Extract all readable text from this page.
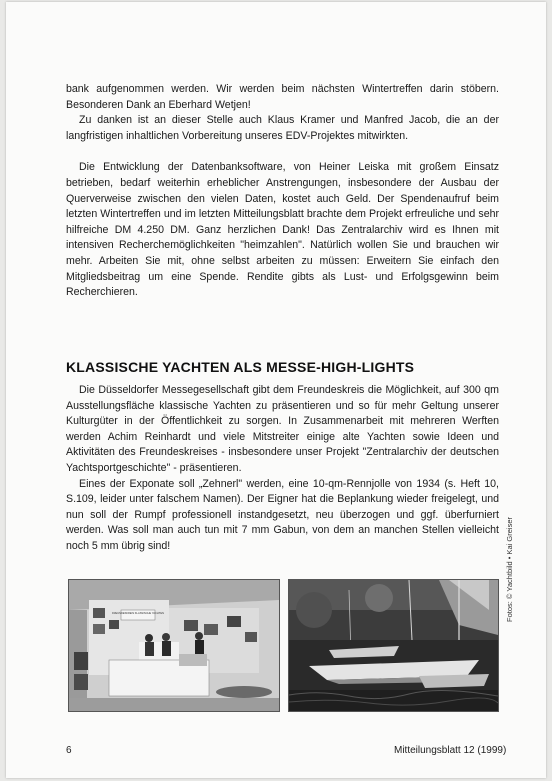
bank aufgenommen werden. Wir werden beim nächsten Wintertreffen darin stöbern. Besonderen Dank an Eberhard Wetjen!

Zu danken ist an dieser Stelle auch Klaus Kramer und Manfred Jacob, die an der langfristigen inhaltlichen Vorbereitung unseres EDV-Projektes mitwirkten.

Die Entwicklung der Datenbanksoftware, von Heiner Leiska mit großem Einsatz betrieben, bedarf weiterhin erheblicher Anstrengungen, insbesondere der Ausbau der Querverweise zwischen den vielen Daten, kostet auch Geld. Der Spendenaufruf beim letzten Wintertreffen und im letzten Mitteilungsblatt brachte dem Projekt erfreuliche und sehr hilfreiche DM 4.250 DM. Ganz herzlichen Dank! Das Zentralarchiv wird es Ihnen mit intensiven Recherchemöglichkeiten "heimzahlen". Natürlich wollen Sie und brauchen wir mehr. Arbeiten Sie mit, ohne selbst arbeiten zu müssen: Erweitern Sie einfach den Mitgliedsbeitrag um eine Spende. Rendite gibts als Lust- und Erfolgsgewinn beim Recherchieren.

KLASSISCHE YACHTEN ALS MESSE-HIGH-LIGHTS

Die Düsseldorfer Messegesellschaft gibt dem Freundeskreis die Möglichkeit, auf 300 qm Ausstellungsfläche klassische Yachten zu präsentieren und so für mehr Geltung unserer Kulturgüter in der Öffentlichkeit zu sorgen. In Zusammenarbeit mit mehreren Werften werden Achim Reinhardt und viele Mitstreiter einige alte Yachten sowie Ideen und Aktivitäten des Freundeskreises - insbesondere unser Projekt "Zentralarchiv der deutschen Yachtsportgeschichte" - präsentieren.

Eines der Exponate soll „Zehnerl" werden, eine 10-qm-Rennjolle von 1934 (s. Heft 10, S.109, leider unter falschem Namen). Der Eigner hat die Beplankung wieder freigelegt, und nun soll der Rumpf professionell instandgesetzt, neu überzogen und ggf. überfurniert werden. Was soll man auch tun mit 7 mm Gabun, von dem an manchen Stellen vielleicht noch 5 mm übrig sind!

FREUNDESKREIS KLASSISCHE YACHTEN	Fotos: © Yachtbild • Kai Greiser
6	Mitteilungsblatt 12 (1999)
